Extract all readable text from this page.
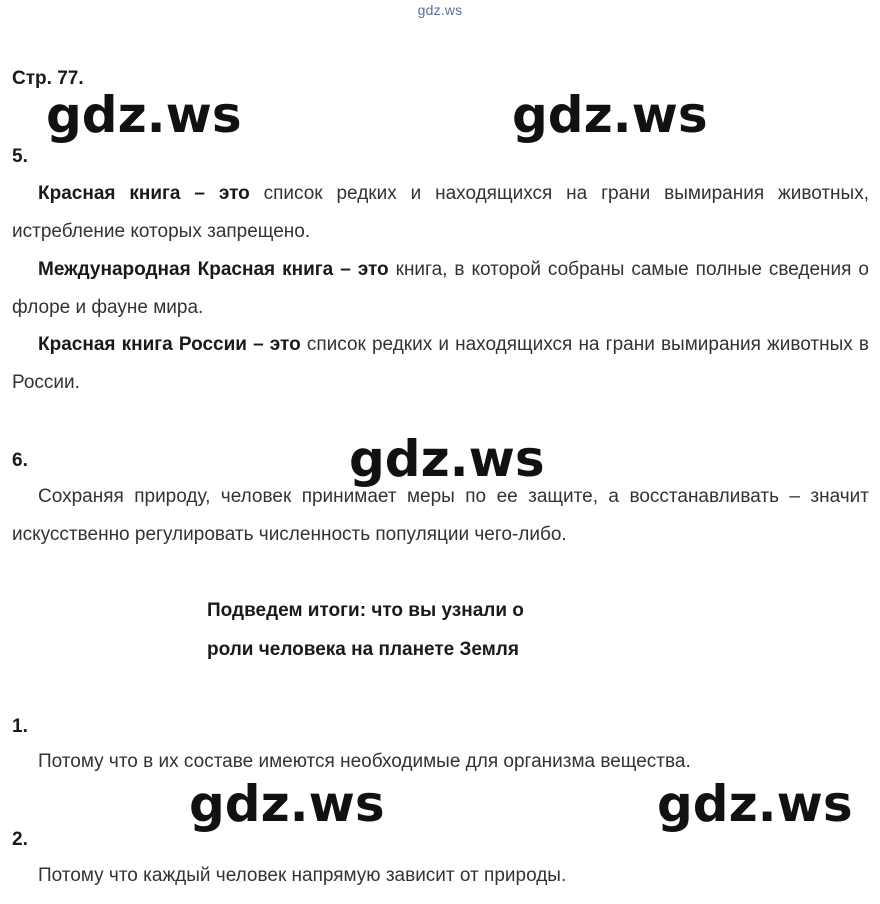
gdz.ws
Стр. 77.
gdz.ws	gdz.ws
5.

Красная книга – это список редких и находящихся на грани вымирания животных, истребление которых запрещено.

Международная Красная книга – это книга, в которой собраны самые полные сведения о флоре и фауне мира.

Красная книга России – это список редких и находящихся на грани вымирания животных в России.

6.	gdz.ws

Сохраняя природу, человек принимает меры по ее защите, а восстанавливать – значит искусственно регулировать численность популяции чего-либо.

Подведем итоги: что вы узнали о
роли человека на планете Земля
1.

Потому что в их составе имеются необходимые для организма вещества.

gdz.ws	gdz.ws
2.

Потому что каждый человек напрямую зависит от природы.
